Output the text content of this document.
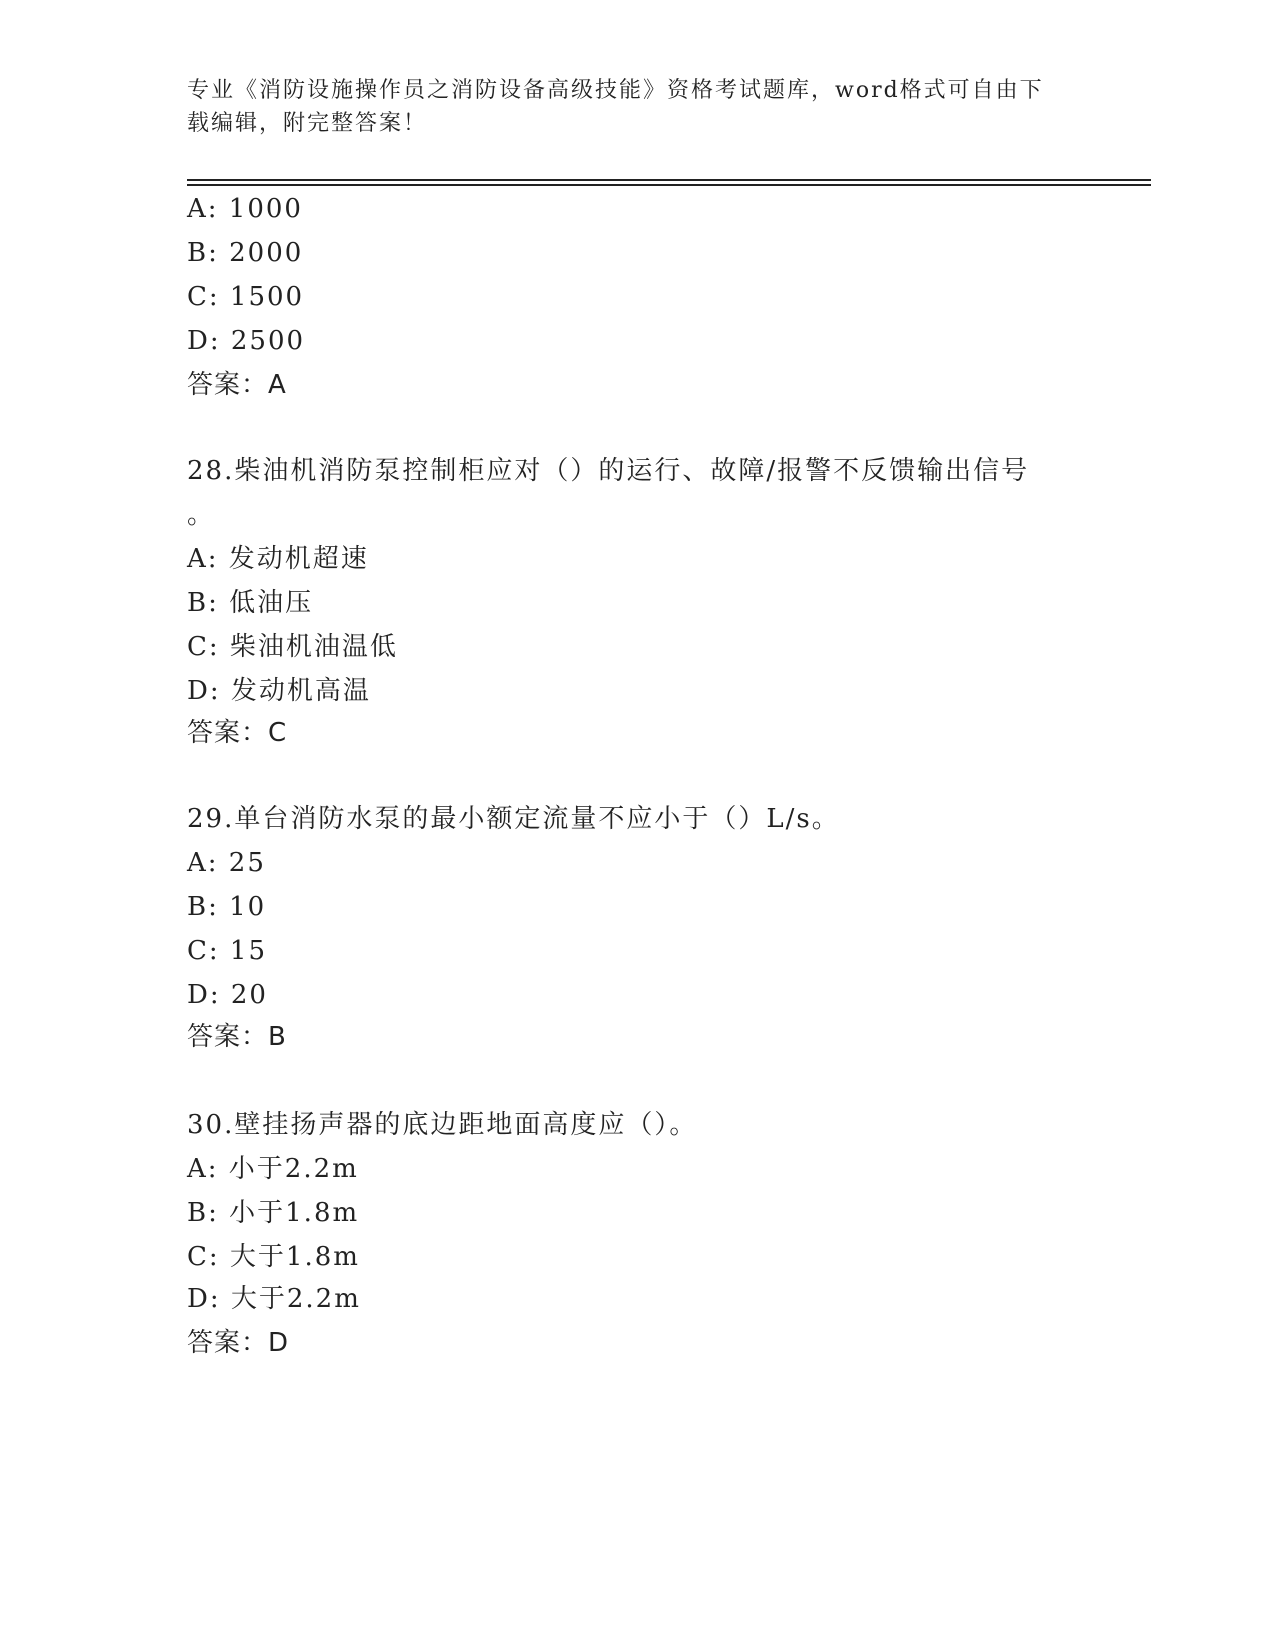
专业《消防设施操作员之消防设备高级技能》资格考试题库，word格式可自由下
载编辑，附完整答案！
A: 1000
B: 2000
C: 1500
D: 2500
答案：A
28.柴油机消防泵控制柜应对（）的运行、故障/报警不反馈输出信号
。
A: 发动机超速
B: 低油压
C: 柴油机油温低
D: 发动机高温
答案：C
29.单台消防水泵的最小额定流量不应小于（）L/s。
A: 25
B: 10
C: 15
D: 20
答案：B
30.壁挂扬声器的底边距地面高度应（）。
A: 小于2.2m
B: 小于1.8m
C: 大于1.8m
D: 大于2.2m
答案：D
